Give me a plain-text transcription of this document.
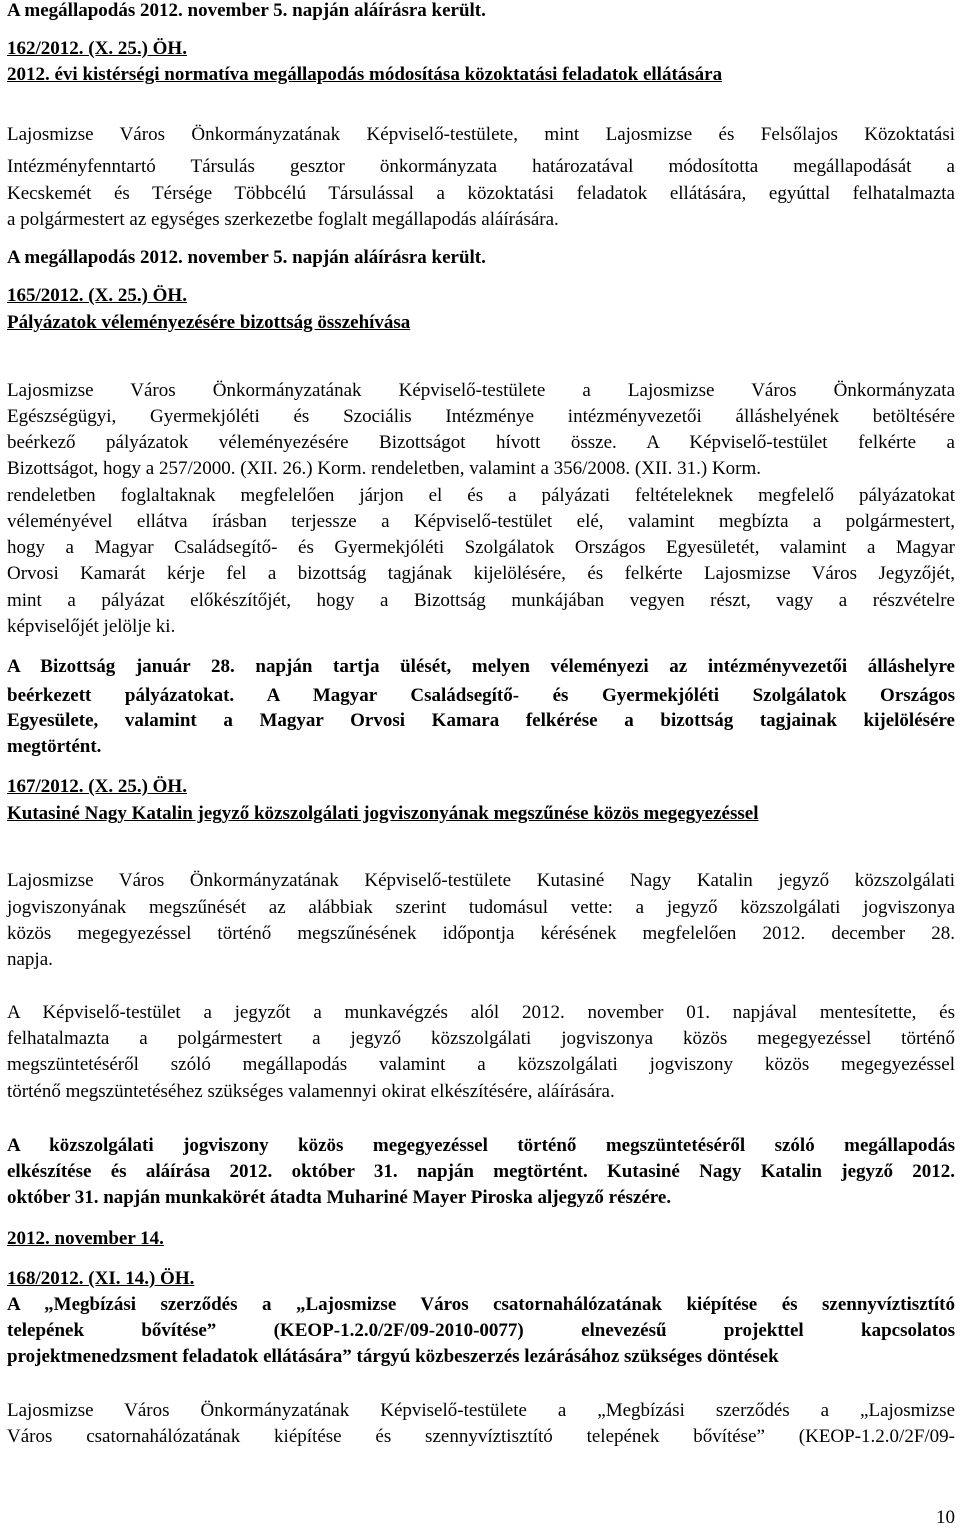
A megállapodás 2012. november 5. napján aláírásra került.
162/2012. (X. 25.) ÖH.
2012. évi kistérségi normatíva megállapodás módosítása közoktatási feladatok ellátására
Lajosmizse Város Önkormányzatának Képviselő-testülete, mint Lajosmizse és Felsőlajos Közoktatási
Intézményfenntartó Társulás gesztor önkormányzata határozatával módosította megállapodását a
Kecskemét és Térsége Többcélú Társulással a közoktatási feladatok ellátására, egyúttal felhatalmazta
a polgármestert az egységes szerkezetbe foglalt megállapodás aláírására.
A megállapodás 2012. november 5. napján aláírásra került.
165/2012. (X. 25.) ÖH.
Pályázatok véleményezésére bizottság összehívása
Lajosmizse Város Önkormányzatának Képviselő-testülete a Lajosmizse Város Önkormányzata
Egészségügyi, Gyermekjóléti és Szociális Intézménye intézményvezetői álláshelyének betöltésére
beérkező pályázatok véleményezésére Bizottságot hívott össze. A Képviselő-testület felkérte a
Bizottságot, hogy a 257/2000. (XII. 26.) Korm. rendeletben, valamint a 356/2008. (XII. 31.) Korm.
rendeletben foglaltaknak megfelelően járjon el és a pályázati feltételeknek megfelelő pályázatokat
véleményével ellátva írásban terjessze a Képviselő-testület elé, valamint megbízta a polgármestert,
hogy a Magyar Családsegítő- és Gyermekjóléti Szolgálatok Országos Egyesületét, valamint a Magyar
Orvosi Kamarát kérje fel a bizottság tagjának kijelölésére, és felkérte Lajosmizse Város Jegyzőjét,
mint a pályázat előkészítőjét, hogy a Bizottság munkájában vegyen részt, vagy a részvételre
képviselőjét jelölje ki.
A Bizottság január 28. napján tartja ülését, melyen véleményezi az intézményvezetői álláshelyre
beérkezett pályázatokat. A Magyar Családsegítő- és Gyermekjóléti Szolgálatok Országos
Egyesülete, valamint a Magyar Orvosi Kamara felkérése a bizottság tagjainak kijelölésére
megtörtént.
167/2012. (X. 25.) ÖH.
Kutasiné Nagy Katalin jegyző közszolgálati jogviszonyának megszűnése közös megegyezéssel
Lajosmizse Város Önkormányzatának Képviselő-testülete Kutasiné Nagy Katalin jegyző közszolgálati
jogviszonyának megszűnését az alábbiak szerint tudomásul vette: a jegyző közszolgálati jogviszonya
közös megegyezéssel történő megszűnésének időpontja kérésének megfelelően 2012. december 28.
napja.
A Képviselő-testület a jegyzőt a munkavégzés alól 2012. november 01. napjával mentesítette, és
felhatalmazta a polgármestert a jegyző közszolgálati jogviszonya közös megegyezéssel történő
megszüntetéséről szóló megállapodás valamint a közszolgálati jogviszony közös megegyezéssel
történő megszüntetéséhez szükséges valamennyi okirat elkészítésére, aláírására.
A közszolgálati jogviszony közös megegyezéssel történő megszüntetéséről szóló megállapodás
elkészítése és aláírása 2012. október 31. napján megtörtént. Kutasiné Nagy Katalin jegyző 2012.
október 31. napján munkakörét átadta Muhariné Mayer Piroska aljegyző részére.
2012. november 14.
168/2012. (XI. 14.) ÖH.
A „Megbízási szerződés a „Lajosmizse Város csatornahálózatának kiépítése és szennyvíztisztító
telepének bővítése” (KEOP-1.2.0/2F/09-2010-0077) elnevezésű projekttel kapcsolatos
projektmenedzsment feladatok ellátására” tárgyú közbeszerzés lezárásához szükséges döntések
Lajosmizse Város Önkormányzatának Képviselő-testülete a „Megbízási szerződés a „Lajosmizse
Város csatornahálózatának kiépítése és szennyvíztisztító telepének bővítése” (KEOP-1.2.0/2F/09-
10
